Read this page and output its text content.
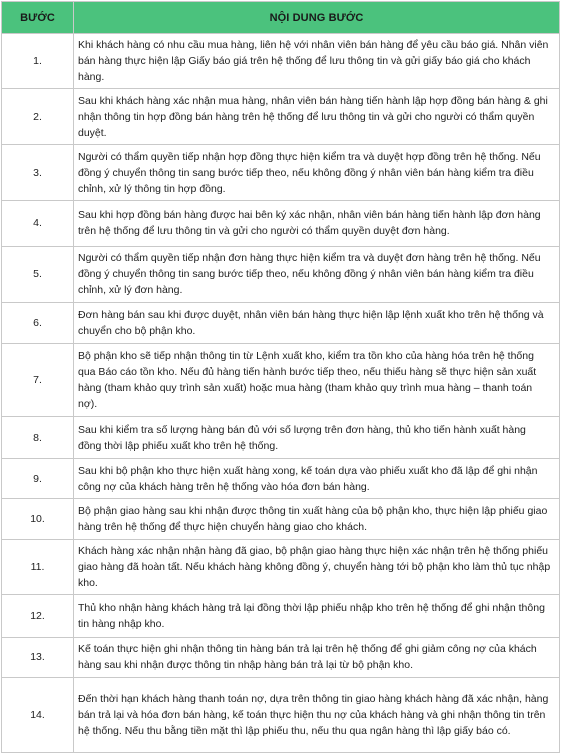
BƯỚC	NỘI DUNG BƯỚC
1.	Khi khách hàng có nhu cầu mua hàng, liên hệ với nhân viên bán hàng để yêu cầu báo giá. Nhân viên bán hàng thực hiện lập Giấy báo giá trên hệ thống để lưu thông tin và gửi giấy báo giá cho khách hàng.
2.	Sau khi khách hàng xác nhận mua hàng, nhân viên bán hàng tiến hành lập hợp đồng bán hàng & ghi nhận thông tin hợp đồng bán hàng trên hệ thống để lưu thông tin và gửi cho người có thẩm quyền duyệt.
3.	Người có thẩm quyền tiếp nhận hợp đồng thực hiện kiểm tra và duyệt hợp đồng trên hệ thống. Nếu đồng ý chuyển thông tin sang bước tiếp theo, nếu không đồng ý nhân viên bán hàng kiểm tra điều chỉnh, xử lý thông tin hợp đồng.
4.	Sau khi hợp đồng bán hàng được hai bên ký xác nhận, nhân viên bán hàng tiến hành lập đơn hàng trên hệ thống để lưu thông tin và gửi cho người có thẩm quyền duyệt đơn hàng.
5.	Người có thẩm quyền tiếp nhận đơn hàng thực hiện kiểm tra và duyệt đơn hàng trên hệ thống. Nếu đồng ý chuyển thông tin sang bước tiếp theo, nếu không đồng ý nhân viên bán hàng kiểm tra điều chỉnh, xử lý đơn hàng.
6.	Đơn hàng bán sau khi được duyệt, nhân viên bán hàng thực hiện lập lệnh xuất kho trên hệ thống và chuyển cho bộ phận kho.
7.	Bộ phận kho sẽ tiếp nhận thông tin từ Lệnh xuất kho, kiểm tra tồn kho của hàng hóa trên hệ thống qua Báo cáo tồn kho. Nếu đủ hàng tiến hành bước tiếp theo, nếu thiếu hàng sẽ thực hiện sản xuất hàng (tham khảo quy trình sản xuất) hoặc mua hàng (tham khảo quy trình mua hàng – thanh toán nợ).
8.	Sau khi kiểm tra số lượng hàng bán đủ với số lượng trên đơn hàng, thủ kho tiến hành xuất hàng đồng thời lập phiếu xuất kho trên hệ thống.
9.	Sau khi bộ phận kho thực hiện xuất hàng xong, kế toán dựa vào phiếu xuất kho đã lập để ghi nhận công nợ của khách hàng trên hệ thống vào hóa đơn bán hàng.
10.	Bộ phận giao hàng sau khi nhận được thông tin xuất hàng của bộ phận kho, thực hiện lập phiếu giao hàng trên hệ thống để thực hiện chuyển hàng giao cho khách.
11.	Khách hàng xác nhận nhận hàng đã giao, bộ phận giao hàng thực hiện xác nhận trên hệ thống phiếu giao hàng đã hoàn tất. Nếu khách hàng không đồng ý, chuyển hàng tới bộ phận kho làm thủ tục nhập kho.
12.	Thủ kho nhận hàng khách hàng trả lại đồng thời lập phiếu nhập kho trên hệ thống để ghi nhận thông tin hàng nhập kho.
13.	Kế toán thực hiện ghi nhận thông tin hàng bán trả lại trên hệ thống để ghi giảm công nợ của khách hàng sau khi nhận được thông tin nhập hàng bán trả lại từ bộ phận kho.
14.	Đến thời hạn khách hàng thanh toán nợ, dựa trên thông tin giao hàng khách hàng đã xác nhận, hàng bán trả lại và hóa đơn bán hàng, kế toán thực hiện thu nợ của khách hàng và ghi nhận thông tin trên hệ thống. Nếu thu bằng tiền mặt thì lập phiếu thu, nếu thu qua ngân hàng thì lập giấy báo có.
